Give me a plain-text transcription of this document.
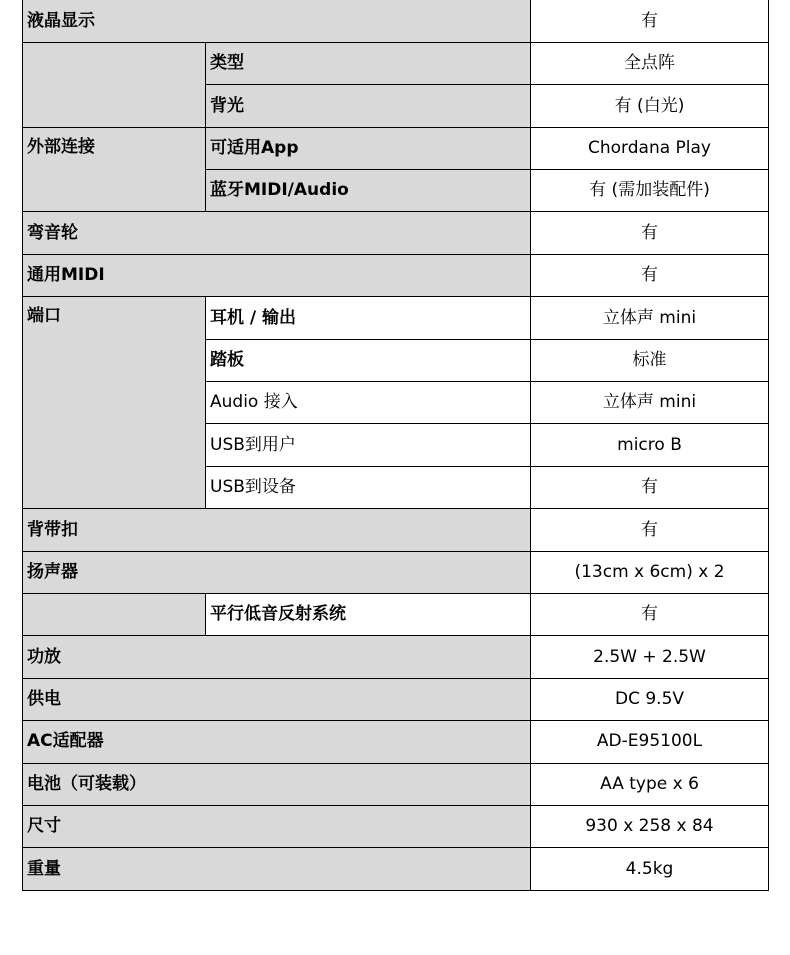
液晶显示		有
	类型	全点阵
	背光	有 (白光)
外部连接	可适用App	Chordana Play
	蓝牙MIDI/Audio	有 (需加装配件)
弯音轮		有
通用MIDI		有
端口	耳机 / 输出	立体声 mini
	踏板	标准
	Audio 接入	立体声 mini
	USB到用户	micro B
	USB到设备	有
背带扣		有
扬声器		(13cm x 6cm) x 2
	平行低音反射系统	有
功放		2.5W + 2.5W
供电		DC 9.5V
AC适配器		AD-E95100L
电池（可装载）		AA type x 6
尺寸		930 x 258 x 84
重量		4.5kg
